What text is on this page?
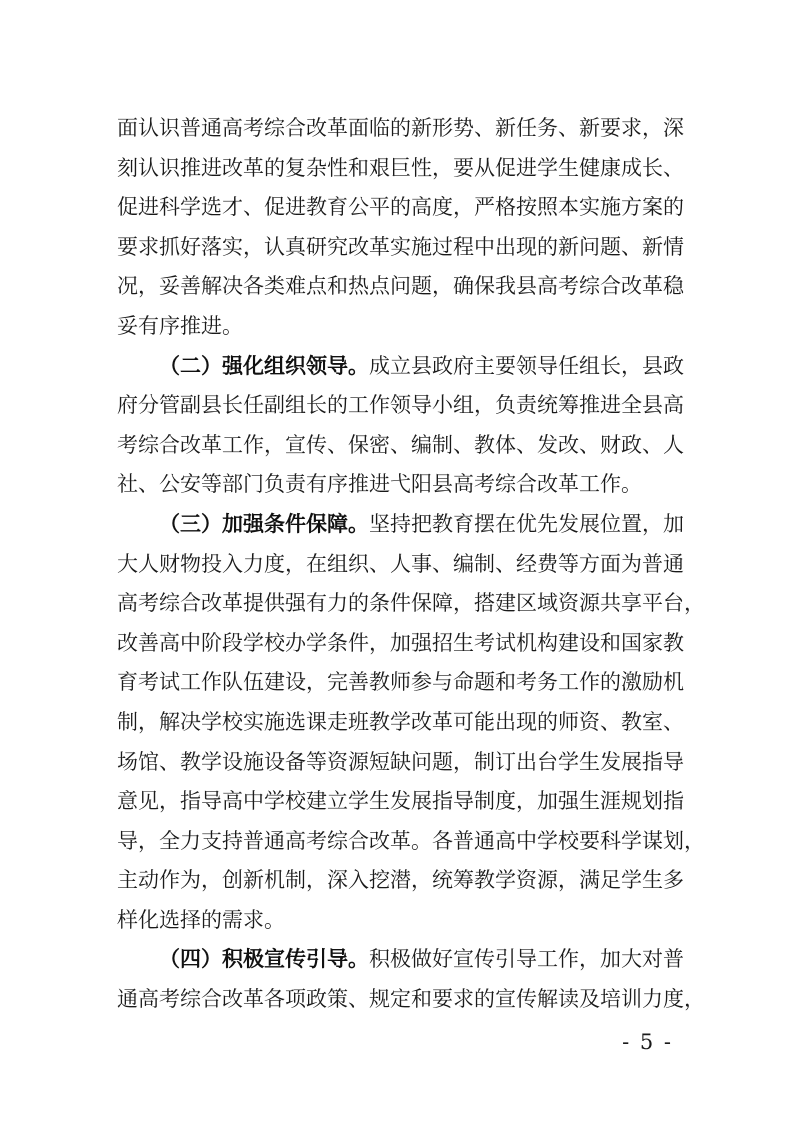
面认识普通高考综合改革面临的新形势、新任务、新要求，深
刻认识推进改革的复杂性和艰巨性，要从促进学生健康成长、
促进科学选才、促进教育公平的高度，严格按照本实施方案的
要求抓好落实，认真研究改革实施过程中出现的新问题、新情
况，妥善解决各类难点和热点问题，确保我县高考综合改革稳
妥有序推进。
（二）强化组织领导。成立县政府主要领导任组长，县政
府分管副县长任副组长的工作领导小组，负责统筹推进全县高
考综合改革工作，宣传、保密、编制、教体、发改、财政、人
社、公安等部门负责有序推进弋阳县高考综合改革工作。
（三）加强条件保障。坚持把教育摆在优先发展位置，加
大人财物投入力度，在组织、人事、编制、经费等方面为普通
高考综合改革提供强有力的条件保障，搭建区域资源共享平台，
改善高中阶段学校办学条件，加强招生考试机构建设和国家教
育考试工作队伍建设，完善教师参与命题和考务工作的激励机
制，解决学校实施选课走班教学改革可能出现的师资、教室、
场馆、教学设施设备等资源短缺问题，制订出台学生发展指导
意见，指导高中学校建立学生发展指导制度，加强生涯规划指
导，全力支持普通高考综合改革。各普通高中学校要科学谋划，
主动作为，创新机制，深入挖潜，统筹教学资源，满足学生多
样化选择的需求。
（四）积极宣传引导。积极做好宣传引导工作，加大对普
通高考综合改革各项政策、规定和要求的宣传解读及培训力度，
- 5 -
